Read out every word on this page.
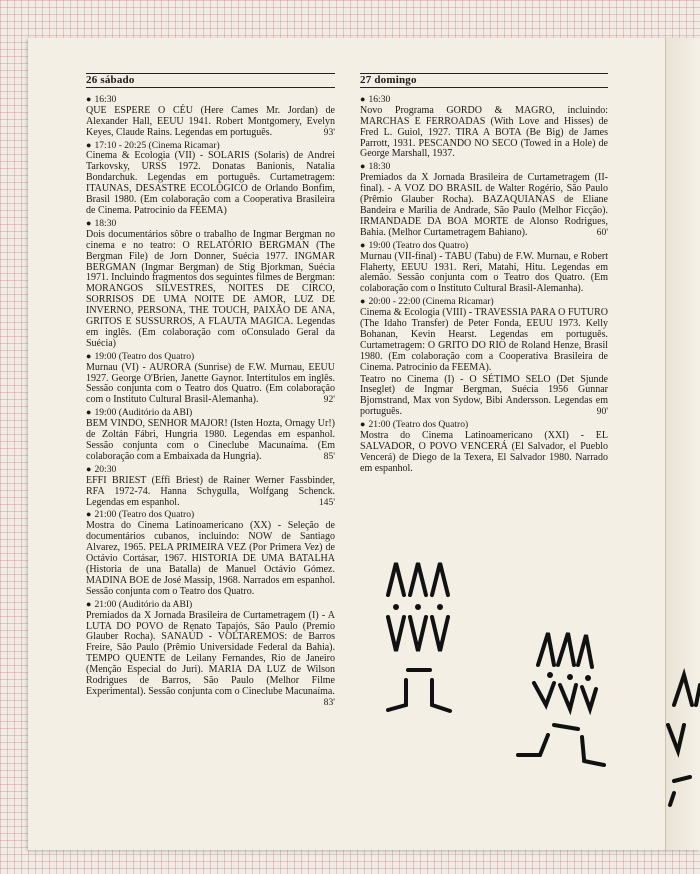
26 sábado
● 16:30
QUE ESPERE O CÉU (Here Cames Mr. Jordan) de Alexander Hall, EEUU 1941. Robert Montgomery, Evelyn Keyes, Claude Rains. Legendas em português.	93'
● 17:10 - 20:25 (Cinema Ricamar)
Cinema & Ecologia (VII) - SOLARIS (Solaris) de Andrei Tarkovsky, URSS 1972. Donatas Banionis, Natalia Bondarchuk. Legendas em português. Curtametragem: ITAUNAS, DESASTRE ECOLÓGICO de Orlando Bonfim, Brasil 1980. (Em colaboração com a Cooperativa Brasileira de Cinema. Patrocinio da FEEMA)
● 18:30
Dois documentários sôbre o trabalho de Ingmar Bergman no cinema e no teatro: O RELATÓRIO BERGMAN (The Bergman File) de Jorn Donner, Suécia 1977. INGMAR BERGMAN (Ingmar Bergman) de Stig Bjorkman, Suécia 1971. Incluindo fragmentos dos seguintes filmes de Bergman: MORANGOS SILVESTRES, NOITES DE CIRCO, SORRISOS DE UMA NOITE DE AMOR, LUZ DE INVERNO, PERSONA, THE TOUCH, PAIXÃO DE ANA, GRITOS E SUSSURROS, A FLAUTA MAGICA. Legendas em inglês. (Em colaboração com oConsulado Geral da Suécia)
● 19:00 (Teatro dos Quatro)
Murnau (VI) - AURORA (Sunrise) de F.W. Murnau, EEUU 1927. George O'Brien, Janette Gaynor. Intertitulos em inglês. Sessão conjunta com o Teatro dos Quatro. (Em colaboração com o Instituto Cultural Brasil-Alemanha).	92'
● 19:00 (Auditório da ABI)
BEM VINDO, SENHOR MAJOR! (Isten Hozta, Ornagy Ur!) de Zoltán Fábri, Hungria 1980. Legendas em espanhol. Sessão conjunta com o Cineclube Macunaíma. (Em colaboração com a Embaixada da Hungria).	85'
● 20:30
EFFI BRIEST (Effi Briest) de Rainer Werner Fassbinder, RFA 1972-74. Hanna Schygulla, Wolfgang Schenck. Legendas em espanhol.	145'
● 21:00 (Teatro dos Quatro)
Mostra do Cinema Latinoamericano (XX) - Seleção de documentários cubanos, incluindo: NOW de Santiago Alvarez, 1965. PELA PRIMEIRA VEZ (Por Primera Vez) de Octávio Cortásar, 1967. HISTORIA DE UMA BATALHA (Historia de una Batalla) de Manuel Octávio Gómez. MADINA BOE de José Massip, 1968. Narrados em espanhol. Sessão conjunta com o Teatro dos Quatro.
● 21:00 (Auditório da ABI)
Premiados da X Jornada Brasileira de Curtametragem (I) - A LUTA DO POVO de Renato Tapajós, São Paulo (Premio Glauber Rocha). SANAÚD - VOLTAREMOS: de Barros Freire, São Paulo (Prêmio Universidade Federal da Bahia). TEMPO QUENTE de Leilany Fernandes, Rio de Janeiro (Menção Especial do Juri). MARIA DA LUZ de Wilson Rodrigues de Barros, São Paulo (Melhor Filme Experimental). Sessão conjunta com o Cineclube Macunaíma.
83'
27 domingo
● 16:30
Novo Programa GORDO & MAGRO, incluindo: MARCHAS E FERROADAS (With Love and Hisses) de Fred L. Guiol, 1927. TIRA A BOTA (Be Big) de James Parrott, 1931. PESCANDO NO SECO (Towed in a Hole) de George Marshall, 1937.
● 18:30
Premiados da X Jornada Brasileira de Curtametragem (II-final). - A VOZ DO BRASIL de Walter Rogério, São Paulo (Prêmio Glauber Rocha). BAZAQUIANAS de Eliane Bandeira e Marilia de Andrade, São Paulo (Melhor Ficção). IRMANDADE DA BOA MORTE de Alonso Rodrigues, Bahia. (Melhor Curtametragem Bahiano).	60'
● 19:00 (Teatro dos Quatro)
Murnau (VII-final) - TABU (Tabu) de F.W. Murnau, e Robert Flaherty, EEUU 1931. Reri, Matahi, Hitu. Legendas em alemão. Sessão conjunta com o Teatro dos Quatro. (Em colaboração com o Instituto Cultural Brasil-Alemanha).
● 20:00 - 22:00 (Cinema Ricamar)
Cinema & Ecologia (VIII) - TRAVESSIA PARA O FUTURO (The Idaho Transfer) de Peter Fonda, EEUU 1973. Kelly Bohanan, Kevin Hearst. Legendas em português. Curtametragem: O GRITO DO RIO de Roland Henze, Brasil 1980. (Em colaboração com a Cooperativa Brasileira de Cinema. Patrocinio da FEEMA).
Teatro no Cinema (I) - O SÉTIMO SELO (Det Sjunde Inseglet) de Ingmar Bergman, Suécia 1956 Gunnar Bjornstrand, Max von Sydow, Bibi Andersson. Legendas em português.	90'
● 21:00 (Teatro dos Quatro)
Mostra do Cinema Latinoamericano (XXI) - EL SALVADOR, O POVO VENCERÁ (El Salvador, el Pueblo Vencerá) de Diego de la Texera, El Salvador 1980. Narrado em espanhol.
